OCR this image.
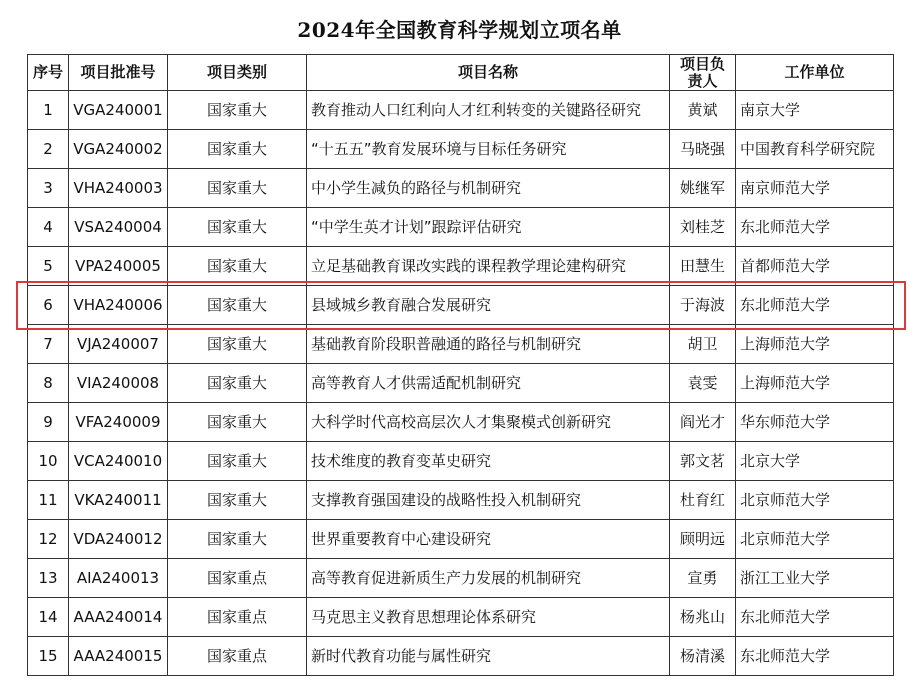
2024年全国教育科学规划立项名单
序号	项目批准号	项目类别	项目名称	项目负责人	工作单位
1	VGA240001	国家重大	教育推动人口红利向人才红利转变的关键路径研究	黄斌	南京大学
2	VGA240002	国家重大	“十五五”教育发展环境与目标任务研究	马晓强	中国教育科学研究院
3	VHA240003	国家重大	中小学生减负的路径与机制研究	姚继军	南京师范大学
4	VSA240004	国家重大	“中学生英才计划”跟踪评估研究	刘桂芝	东北师范大学
5	VPA240005	国家重大	立足基础教育课改实践的课程教学理论建构研究	田慧生	首都师范大学
6	VHA240006	国家重大	县域城乡教育融合发展研究	于海波	东北师范大学
7	VJA240007	国家重大	基础教育阶段职普融通的路径与机制研究	胡卫	上海师范大学
8	VIA240008	国家重大	高等教育人才供需适配机制研究	袁雯	上海师范大学
9	VFA240009	国家重大	大科学时代高校高层次人才集聚模式创新研究	阎光才	华东师范大学
10	VCA240010	国家重大	技术维度的教育变革史研究	郭文茗	北京大学
11	VKA240011	国家重大	支撑教育强国建设的战略性投入机制研究	杜育红	北京师范大学
12	VDA240012	国家重大	世界重要教育中心建设研究	顾明远	北京师范大学
13	AIA240013	国家重点	高等教育促进新质生产力发展的机制研究	宣勇	浙江工业大学
14	AAA240014	国家重点	马克思主义教育思想理论体系研究	杨兆山	东北师范大学
15	AAA240015	国家重点	新时代教育功能与属性研究	杨清溪	东北师范大学
